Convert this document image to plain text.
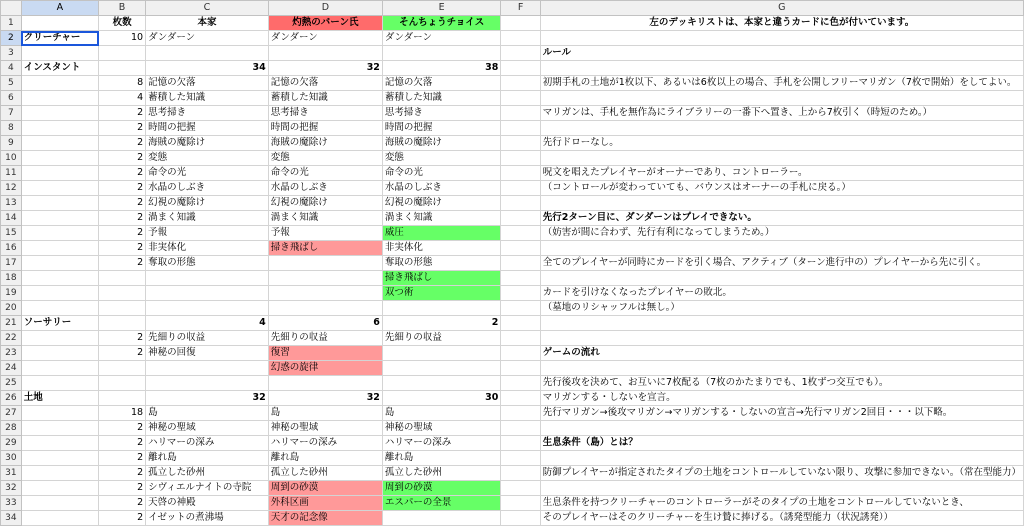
	A	B	C	D	E	F	G
1		枚数	本家	灼熱のバーン氏	そんちょうチョイス		左のデッキリストは、本家と違うカードに色が付いています。
2	クリーチャー	10	ダンダーン	ダンダーン	ダンダーン		
3							ルール
4	インスタント		34	32	38		
5		8	記憶の欠落	記憶の欠落	記憶の欠落		初期手札の土地が1枚以下、あるいは6枚以上の場合、手札を公開しフリーマリガン（7枚で開始）をしてよい。
6		4	蓄積した知識	蓄積した知識	蓄積した知識		
7		2	思考掃き	思考掃き	思考掃き		マリガンは、手札を無作為にライブラリーの一番下へ置き、上から7枚引く（時短のため。）
8		2	時間の把握	時間の把握	時間の把握		
9		2	海賊の魔除け	海賊の魔除け	海賊の魔除け		先行ドローなし。
10		2	変態	変態	変態		
11		2	命令の光	命令の光	命令の光		呪文を唱えたプレイヤーがオーナーであり、コントローラー。
12		2	水晶のしぶき	水晶のしぶき	水晶のしぶき		（コントロールが変わっていても、バウンスはオーナーの手札に戻る。）
13		2	幻視の魔除け	幻視の魔除け	幻視の魔除け		
14		2	渦まく知識	渦まく知識	渦まく知識		先行2ターン目に、ダンダーンはプレイできない。
15		2	予報	予報	威圧		（妨害が間に合わず、先行有利になってしまうため。）
16		2	非実体化	掃き飛ばし	非実体化		
17		2	奪取の形態		奪取の形態		全てのプレイヤーが同時にカードを引く場合、アクティブ（ターン進行中の）プレイヤーから先に引く。
18					掃き飛ばし		
19					双つ術		カードを引けなくなったプレイヤーの敗北。
20							（墓地のリシャッフルは無し。）
21	ソーサリー		4	6	2		
22		2	先細りの収益	先細りの収益	先細りの収益		
23		2	神秘の回復	復習			ゲームの流れ
24				幻惑の旋律			
25							先行後攻を決めて、お互いに7枚配る（7枚のかたまりでも、1枚ずつ交互でも）。
26	土地		32	32	30		マリガンする・しないを宣言。
27		18	島	島	島		先行マリガン→後攻マリガン→マリガンする・しないの宣言→先行マリガン2回目・・・以下略。
28		2	神秘の聖域	神秘の聖域	神秘の聖域		
29		2	ハリマーの深み	ハリマーの深み	ハリマーの深み		生息条件（島）とは？
30		2	離れ島	離れ島	離れ島		
31		2	孤立した砂州	孤立した砂州	孤立した砂州		防御プレイヤーが指定されたタイプの土地をコントロールしていない限り、攻撃に参加できない。（常在型能力）
32		2	シヴィエルナイトの寺院	周到の砂漠	周到の砂漠		
33		2	天啓の神殿	外科区画	エスパーの全景		生息条件を持つクリーチャーのコントローラーがそのタイプの土地をコントロールしていないとき、
34		2	イゼットの煮沸場	天才の記念像			そのプレイヤーはそのクリーチャーを生け贄に捧げる。（誘発型能力（状況誘発））
